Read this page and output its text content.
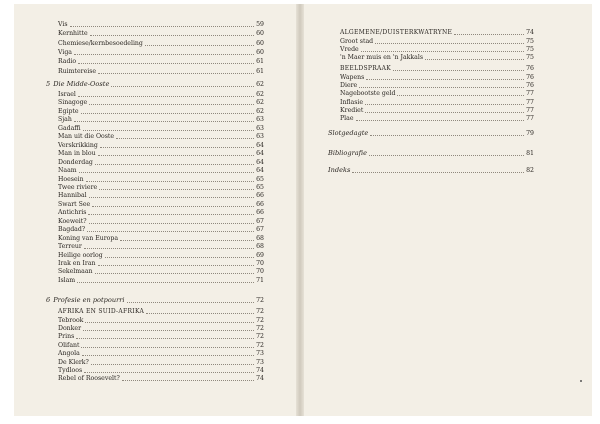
Vis	59
Kernhitte	60
Chemiese/kernbesoedeling	60
Viga	60
Radio	61
Ruimtereise	61
5 Die Midde-Ooste	62
Israel	62
Sinagoge	62
Egipte	62
Sjah	63
Gadaffi	63
Man uit die Ooste	63
Verskrikking	64
Man in blou	64
Donderdag	64
Naam	64
Hoesein	65
Twee riviere	65
Hannibal	66
Swart See	66
Antichris	66
Koeweit?	67
Bagdad?	67
Koning van Europa	68
Terreur	68
Heilige oorlog	69
Irak en Iran	70
Sekelmaan	70
Islam	71
6 Profesie en potpourri	72
AFRIKA EN SUID-AFRIKA	72
Tebrook	72
Donker	72
Prins	72
Olifant	72
Angola	73
De Klerk?	73
Tydloos	74
Rebel of Roosevelt?	74
ALGEMENE/DUISTERKWATRYNE	74
Groot stad	75
Vrede	75
'n Maer muis en 'n Jakkals	75
BEELDSPRAAK	76
Wapens	76
Diere	76
Nagebootste geld	77
Inflasie	77
Krediet	77
Plae	77
Slotgedagte	79
Bibliografie	81
Indeks	82
